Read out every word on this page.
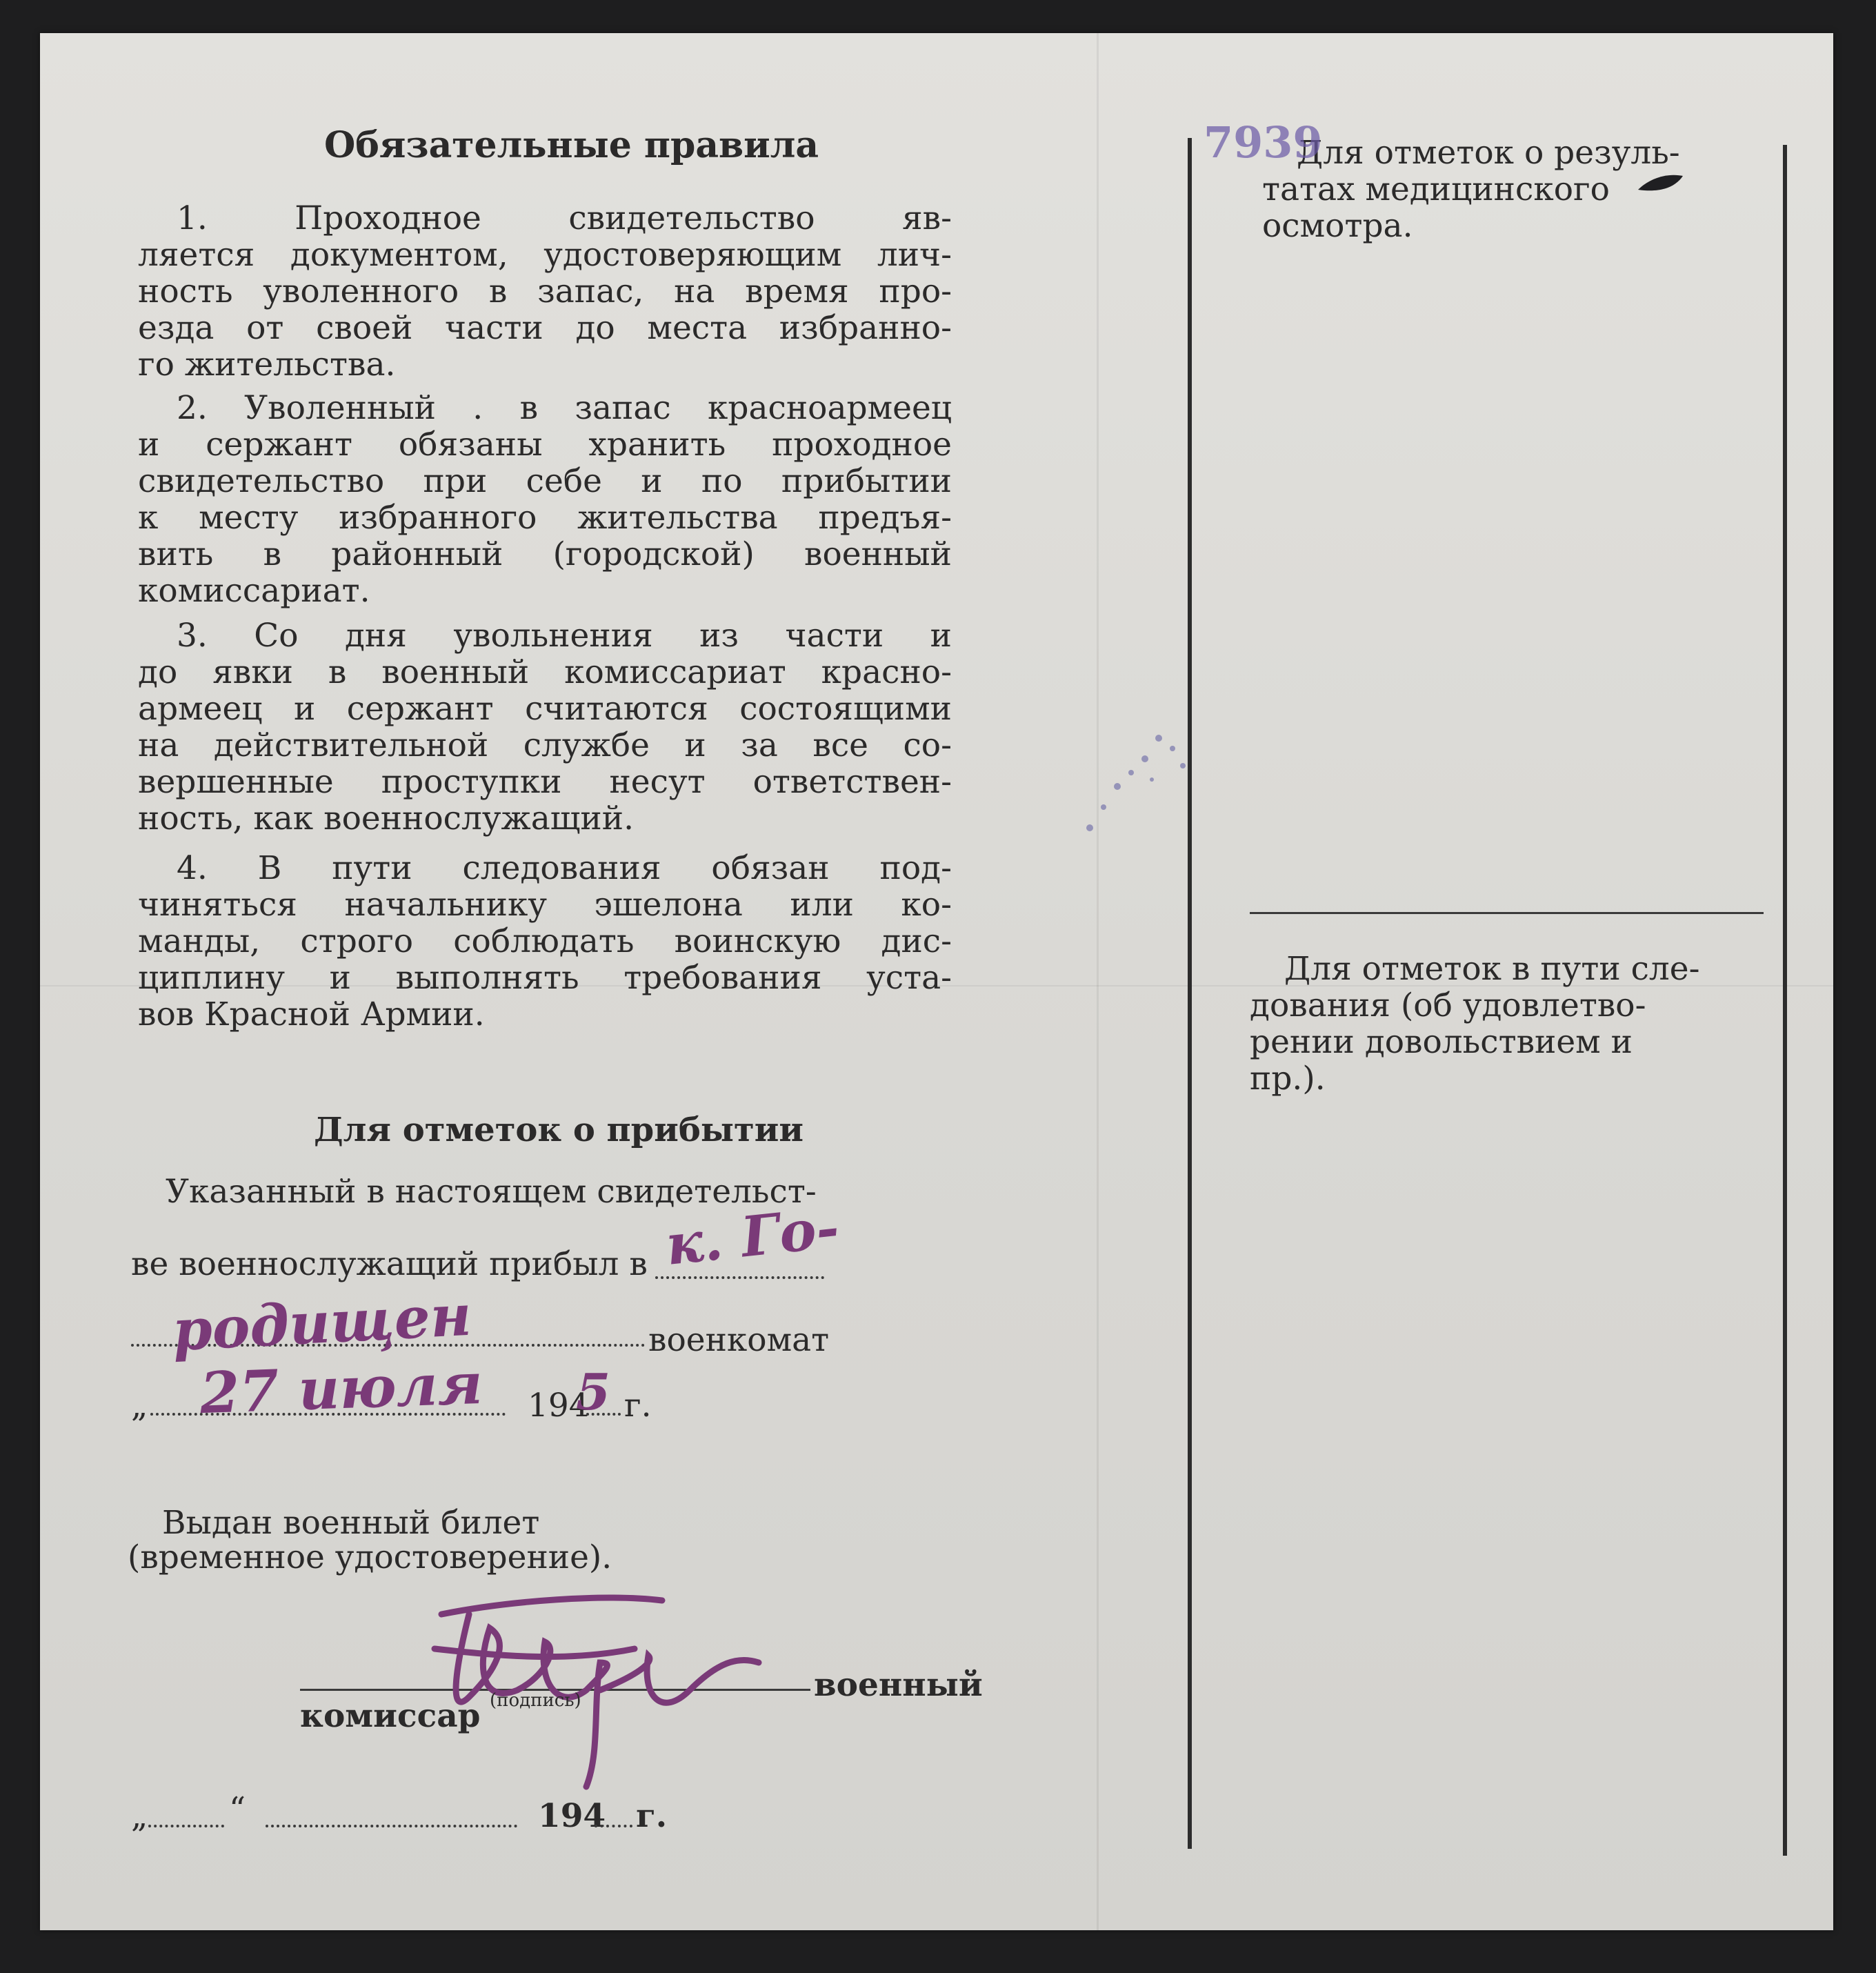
Обязательные правила
1. Проходное свидетельство яв-
ляется документом, удостоверяющим лич-
ность уволенного в запас, на время про-
езда от своей части до места избранно-
го жительства.
2. Уволенный . в запас красноармеец
и сержант обязаны хранить проходное
свидетельство при себе и по прибытии
к месту избранного жительства предъя-
вить в районный (городской) военный
комиссариат.
3. Со дня увольнения из части и
до явки в военный комиссариат красно-
армеец и сержант считаются состоящими
на действительной службе и за все со-
вершенные проступки несут ответствен-
ность, как военнослужащий.
4. В пути следования обязан под-
чиняться начальнику эшелона или ко-
манды, строго соблюдать воинскую дис-
циплину и выполнять требования уста-
вов Красной Армии.
Для отметок о прибытии
Указанный в настоящем свидетельст-
ве военнослужащий прибыл в к. Го-
родищен	военкомат
„ 27 июля 194
5 г.
Выдан военный билет
(временное удостоверение).
военный
комиссар (подпись)
„	“	194 г.
Для отметок о резуль-
татах медицинского
осмотра.
Для отметок в пути сле-
дования (об удовлетво-
рении довольствием и
пр.).
7939
